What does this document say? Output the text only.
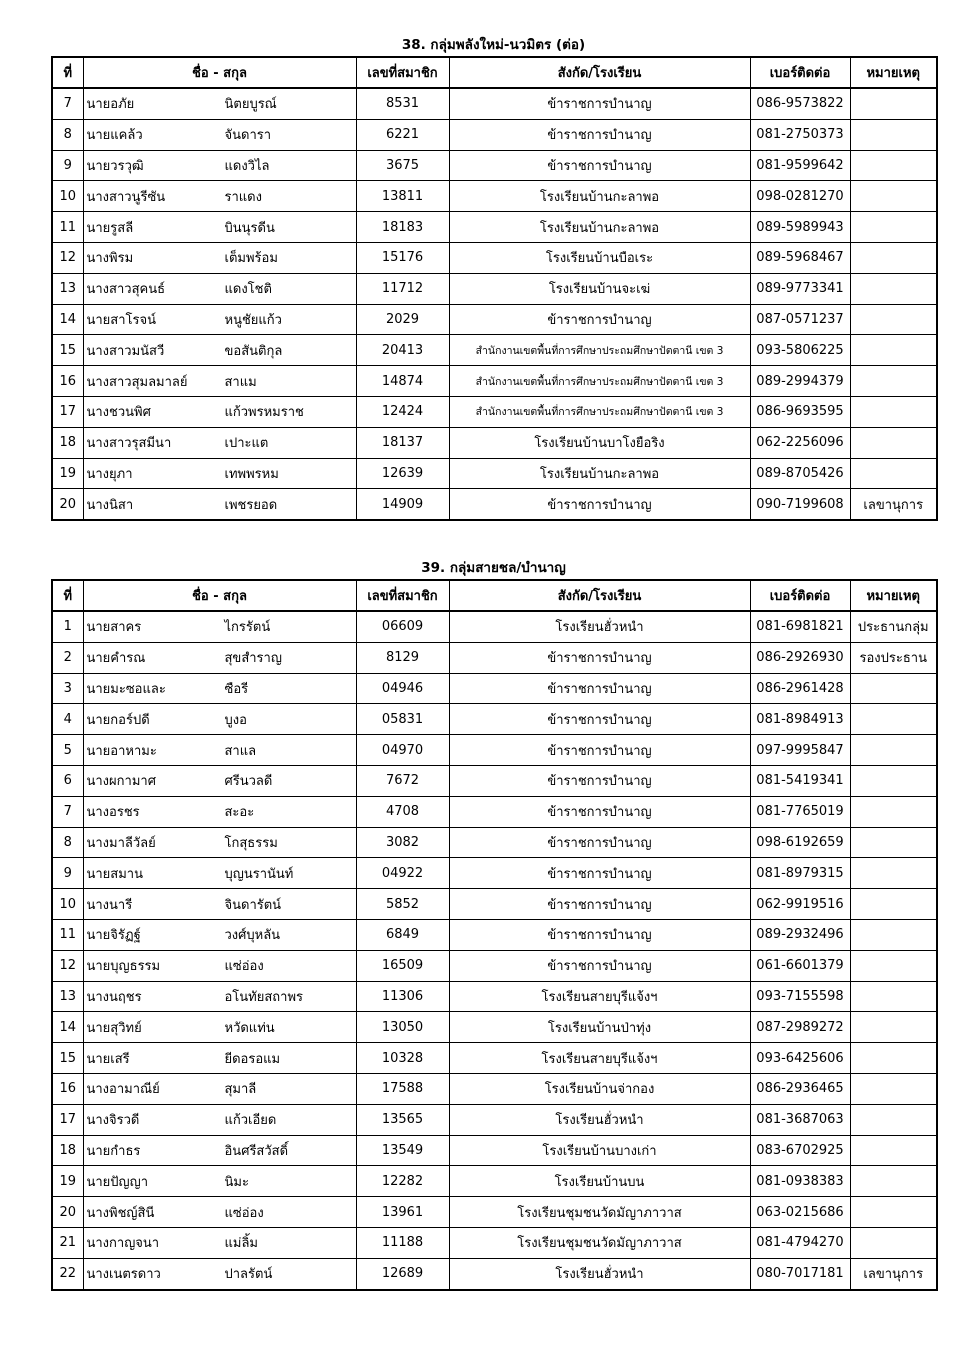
38. กลุ่มพลังใหม่-นวมิตร (ต่อ)
ที่	ชื่อ - สกุล	เลขที่สมาชิก	สังกัด/โรงเรียน	เบอร์ติดต่อ	หมายเหตุ
7	นายอภัย นิตยบูรณ์	8531	ข้าราชการบำนาญ	086-9573822	
8	นายแคล้ว จันดารา	6221	ข้าราชการบำนาญ	081-2750373	
9	นายวรวุฒิ แดงวิไล	3675	ข้าราชการบำนาญ	081-9599642	
10	นางสาวนูรีซัน ราแดง	13811	โรงเรียนบ้านกะลาพอ	098-0281270	
11	นายรูสลี บินนุรดีน	18183	โรงเรียนบ้านกะลาพอ	089-5989943	
12	นางพิรม เต็มพร้อม	15176	โรงเรียนบ้านบือเระ	089-5968467	
13	นางสาวสุคนธ์ แดงโชติ	11712	โรงเรียนบ้านจะเฆ่	089-9773341	
14	นายสาโรจน์ หนูชัยแก้ว	2029	ข้าราชการบำนาญ	087-0571237	
15	นางสาวมนัสวี ขอสันติกุล	20413	สำนักงานเขตพื้นที่การศึกษาประถมศึกษาปัตตานี เขต 3	093-5806225	
16	นางสาวสุมลมาลย์ สาแม	14874	สำนักงานเขตพื้นที่การศึกษาประถมศึกษาปัตตานี เขต 3	089-2994379	
17	นางชวนพิศ แก้วพรหมราช	12424	สำนักงานเขตพื้นที่การศึกษาประถมศึกษาปัตตานี เขต 3	086-9693595	
18	นางสาวรุสมีนา เปาะแต	18137	โรงเรียนบ้านบาโงยือริง	062-2256096	
19	นางยุภา เทพพรหม	12639	โรงเรียนบ้านกะลาพอ	089-8705426	
20	นางนิสา เพชรยอด	14909	ข้าราชการบำนาญ	090-7199608	เลขานุการ
39. กลุ่มสายชล/บำนาญ
ที่	ชื่อ - สกุล	เลขที่สมาชิก	สังกัด/โรงเรียน	เบอร์ติดต่อ	หมายเหตุ
1	นายสาคร ไกรรัตน์	06609	โรงเรียนฮั่วหนำ	081-6981821	ประธานกลุ่ม
2	นายคำรณ สุขสำราญ	8129	ข้าราชการบำนาญ	086-2926930	รองประธาน
3	นายมะซอและ ซือรี	04946	ข้าราชการบำนาญ	086-2961428	
4	นายกอร์ปดี บูงอ	05831	ข้าราชการบำนาญ	081-8984913	
5	นายอาหามะ สาแล	04970	ข้าราชการบำนาญ	097-9995847	
6	นางผกามาศ ศรีนวลดี	7672	ข้าราชการบำนาญ	081-5419341	
7	นางอรชร สะอะ	4708	ข้าราชการบำนาญ	081-7765019	
8	นางมาลีวัลย์ โกสุธรรม	3082	ข้าราชการบำนาญ	098-6192659	
9	นายสมาน บุญนรานันท์	04922	ข้าราชการบำนาญ	081-8979315	
10	นางนารี จินดารัตน์	5852	ข้าราชการบำนาญ	062-9919516	
11	นายจิรัฏฐ์ วงศ์บุหลัน	6849	ข้าราชการบำนาญ	089-2932496	
12	นายบุญธรรม แซ่อ่อง	16509	ข้าราชการบำนาญ	061-6601379	
13	นางนฤชร อโนทัยสถาพร	11306	โรงเรียนสายบุรีแจ้งฯ	093-7155598	
14	นายสุวิทย์ หวัดแท่น	13050	โรงเรียนบ้านป่าทุ่ง	087-2989272	
15	นายเสรี ยีดอรอแม	10328	โรงเรียนสายบุรีแจ้งฯ	093-6425606	
16	นางอามาณีย์ สุมาลี	17588	โรงเรียนบ้านจ่ากอง	086-2936465	
17	นางจิรวดี แก้วเอียด	13565	โรงเรียนฮั่วหนำ	081-3687063	
18	นายกำธร อินศรีสวัสดิ์	13549	โรงเรียนบ้านบางเก่า	083-6702925	
19	นายปัญญา นิมะ	12282	โรงเรียนบ้านบน	081-0938383	
20	นางพิชญ์สินี แซ่อ่อง	13961	โรงเรียนชุมชนวัดมัญาภาวาส	063-0215686	
21	นางกาญจนา แม่ลิ้ม	11188	โรงเรียนชุมชนวัดมัญาภาวาส	081-4794270	
22	นางเนตรดาว ปาลรัตน์	12689	โรงเรียนฮั่วหนำ	080-7017181	เลขานุการ
